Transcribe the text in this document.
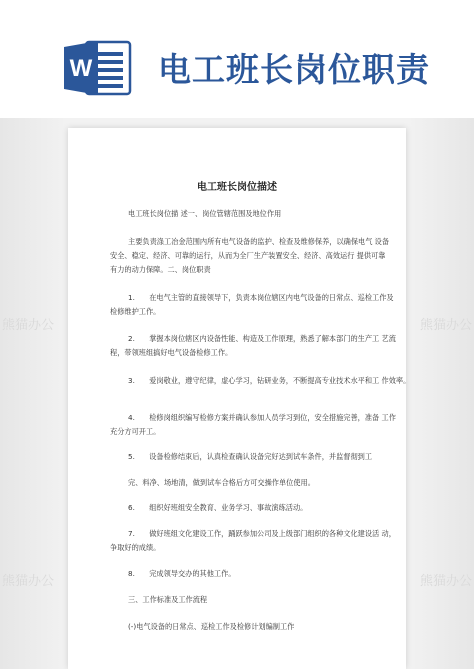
W 电工班长岗位职责
熊猫办公	熊猫办公
熊猫办公	熊猫办公
电工班长岗位描述
电工班长岗位描 述一、岗位管辖范围及地位作用
主要负责涤工冶金范围内所有电气设备的监护、检查及维修保养，以确保电气 设备
安全、稳定、经济、可靠的运行，从而为全厂生产装置安全、经济、高效运行 提供可靠
有力的动力保障。二、岗位职责
1.　　在电气主管的直接领导下，负责本岗位辖区内电气设备的日常点、巡检工作及
检修维护工作。
2.　　掌握本岗位辖区内设备性能、构造及工作原理，熟悉了解本部门的生产工 艺流
程，带领班组搞好电气设备检修工作。
3.　　爱岗敬业，遵守纪律，虚心学习，钻研业务，不断提高专业技术水平和工 作效率。
4.　　检修岗组织编写检修方案并确认参加人员学习到位，安全措施完善，准备 工作
充分方可开工。
5.　　设备检修结束后，认真检查确认设备完好达到试车条件，并监督彻到工
完、料净、场地清，做到试车合格后方可交操作单位使用。
6.　　组织好班组安全教育、业务学习、事故演练活动。
7.　　做好班组文化建设工作，踊跃参加公司及上级部门组织的各种文化建设活 动，
争取好的成绩。
8.　　完成领导交办的其他工作。
三、工作标准及工作流程
(-)电气设备的日常点、巡检工作及检修计划编制工作
